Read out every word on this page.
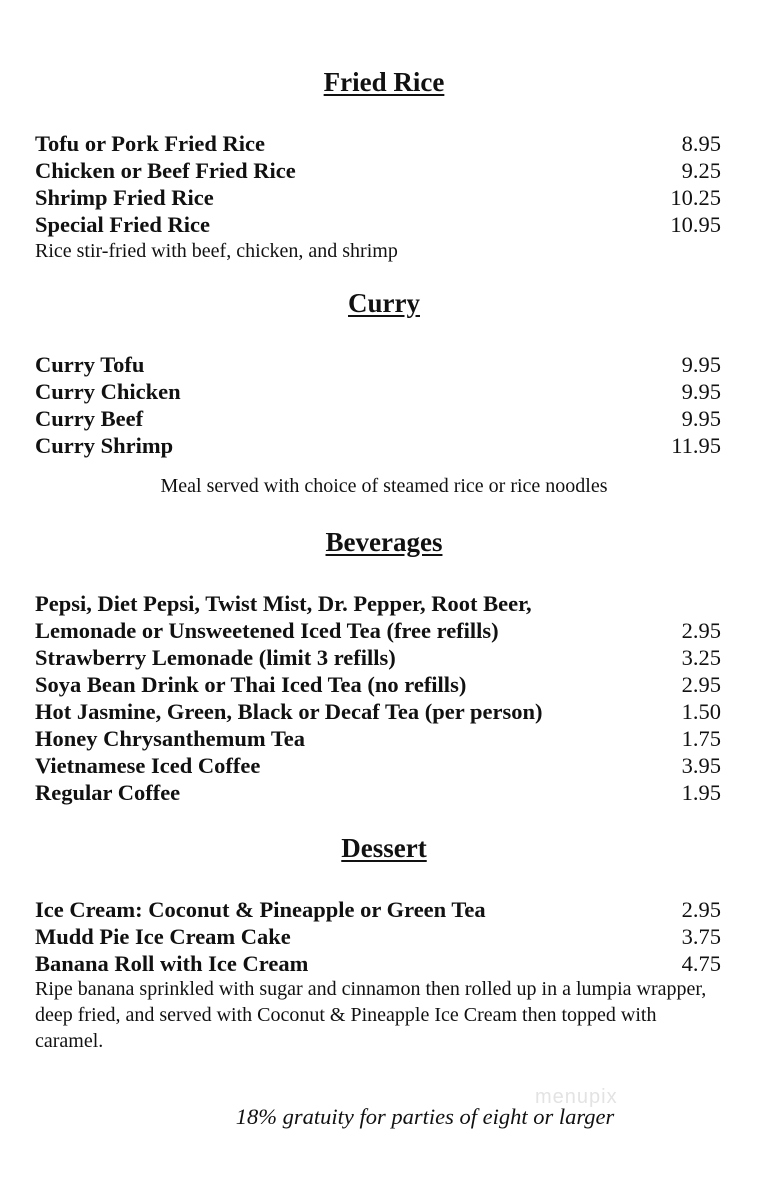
Fried Rice
Tofu or Pork Fried Rice	8.95
Chicken or Beef Fried Rice	9.25
Shrimp Fried Rice	10.25
Special Fried Rice	10.95
Rice stir-fried with beef, chicken, and shrimp
Curry
Curry Tofu	9.95
Curry Chicken	9.95
Curry Beef	9.95
Curry Shrimp	11.95
Meal served with choice of steamed rice or rice noodles
Beverages
Pepsi, Diet Pepsi, Twist Mist, Dr. Pepper, Root Beer,
Lemonade or Unsweetened Iced Tea (free refills)	2.95
Strawberry Lemonade (limit 3 refills)	3.25
Soya Bean Drink or Thai Iced Tea (no refills)	2.95
Hot Jasmine, Green, Black or Decaf Tea (per person)	1.50
Honey Chrysanthemum Tea	1.75
Vietnamese Iced Coffee	3.95
Regular Coffee	1.95
Dessert
Ice Cream: Coconut & Pineapple or Green Tea	2.95
Mudd Pie Ice Cream Cake	3.75
Banana Roll with Ice Cream	4.75
Ripe banana sprinkled with sugar and cinnamon then rolled up in a lumpia wrapper, deep fried, and served with Coconut & Pineapple Ice Cream then topped with caramel.
menupix
18% gratuity for parties of eight or larger
